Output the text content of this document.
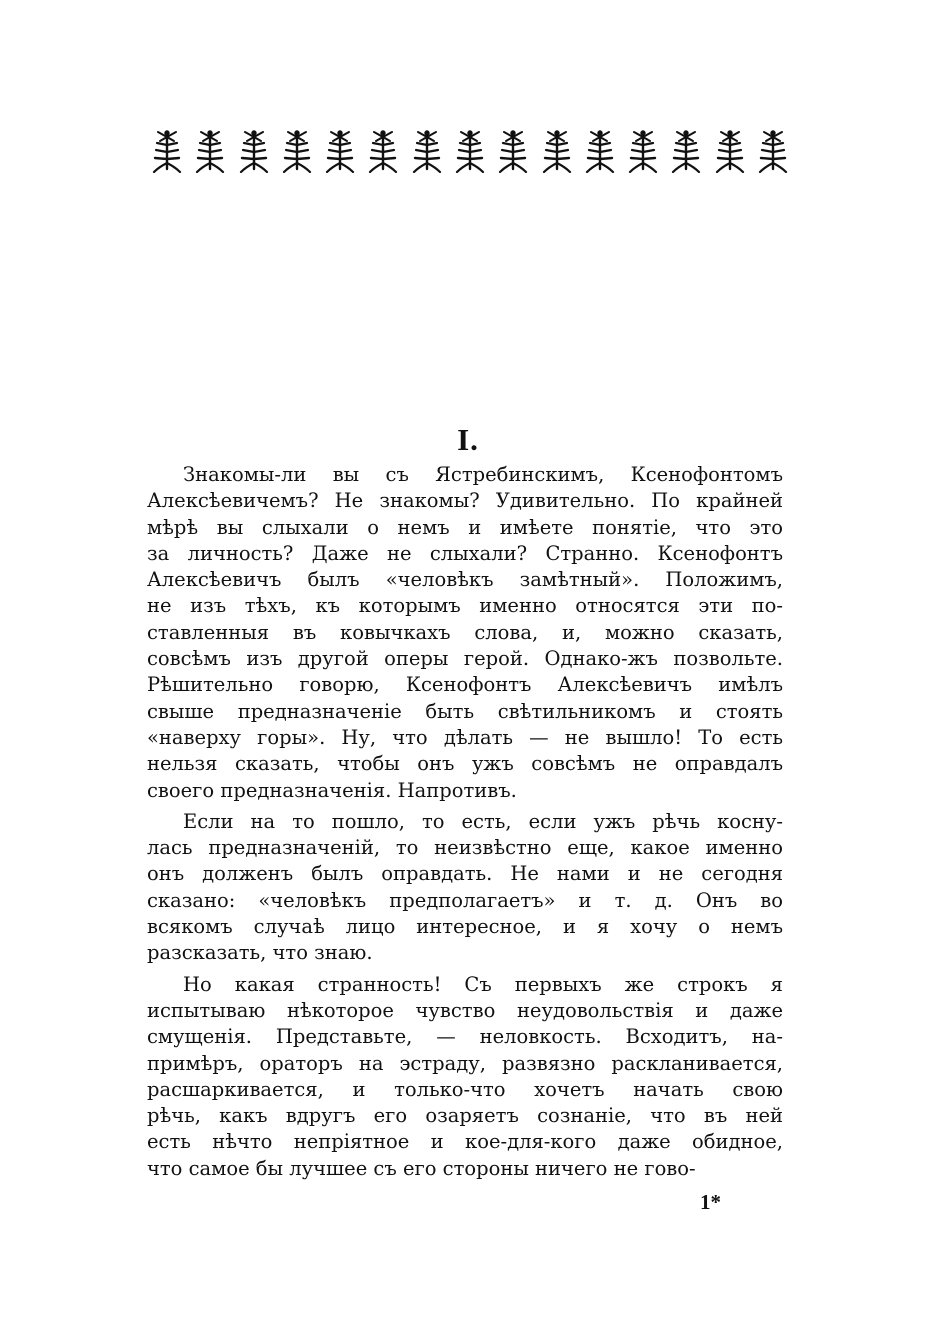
I.
Знакомы-ли вы съ Ястребинскимъ, Ксенофонтомъ
Алексѣевичемъ? Не знакомы? Удивительно. По крайней
мѣрѣ вы слыхали о немъ и имѣете понятіе, что это
за личность? Даже не слыхали? Странно. Ксенофонтъ
Алексѣевичъ былъ «человѣкъ замѣтный». Положимъ,
не изъ тѣхъ, къ которымъ именно относятся эти по-
ставленныя въ ковычкахъ слова, и, можно сказать,
совсѣмъ изъ другой оперы герой. Однако-жъ позвольте.
Рѣшительно говорю, Ксенофонтъ Алексѣевичъ имѣлъ
свыше предназначеніе быть свѣтильникомъ и стоять
«наверху горы». Ну, что дѣлать — не вышло! То есть
нельзя сказать, чтобы онъ ужъ совсѣмъ не оправдалъ
своего предназначенія. Напротивъ.
Если на то пошло, то есть, если ужъ рѣчь косну-
лась предназначеній, то неизвѣстно еще, какое именно
онъ долженъ былъ оправдать. Не нами и не сегодня
сказано: «человѣкъ предполагаетъ» и т. д. Онъ во
всякомъ случаѣ лицо интересное, и я хочу о немъ
разсказать, что знаю.
Но какая странность! Съ первыхъ же строкъ я
испытываю нѣкоторое чувство неудовольствія и даже
смущенія. Представьте, — неловкость. Всходитъ, на-
примѣръ, ораторъ на эстраду, развязно раскланивается,
расшаркивается, и только-что хочетъ начать свою
рѣчь, какъ вдругъ его озаряетъ сознаніе, что въ ней
есть нѣчто непріятное и кое-для-кого даже обидное,
что самое бы лучшее съ его стороны ничего не гово-
1*
